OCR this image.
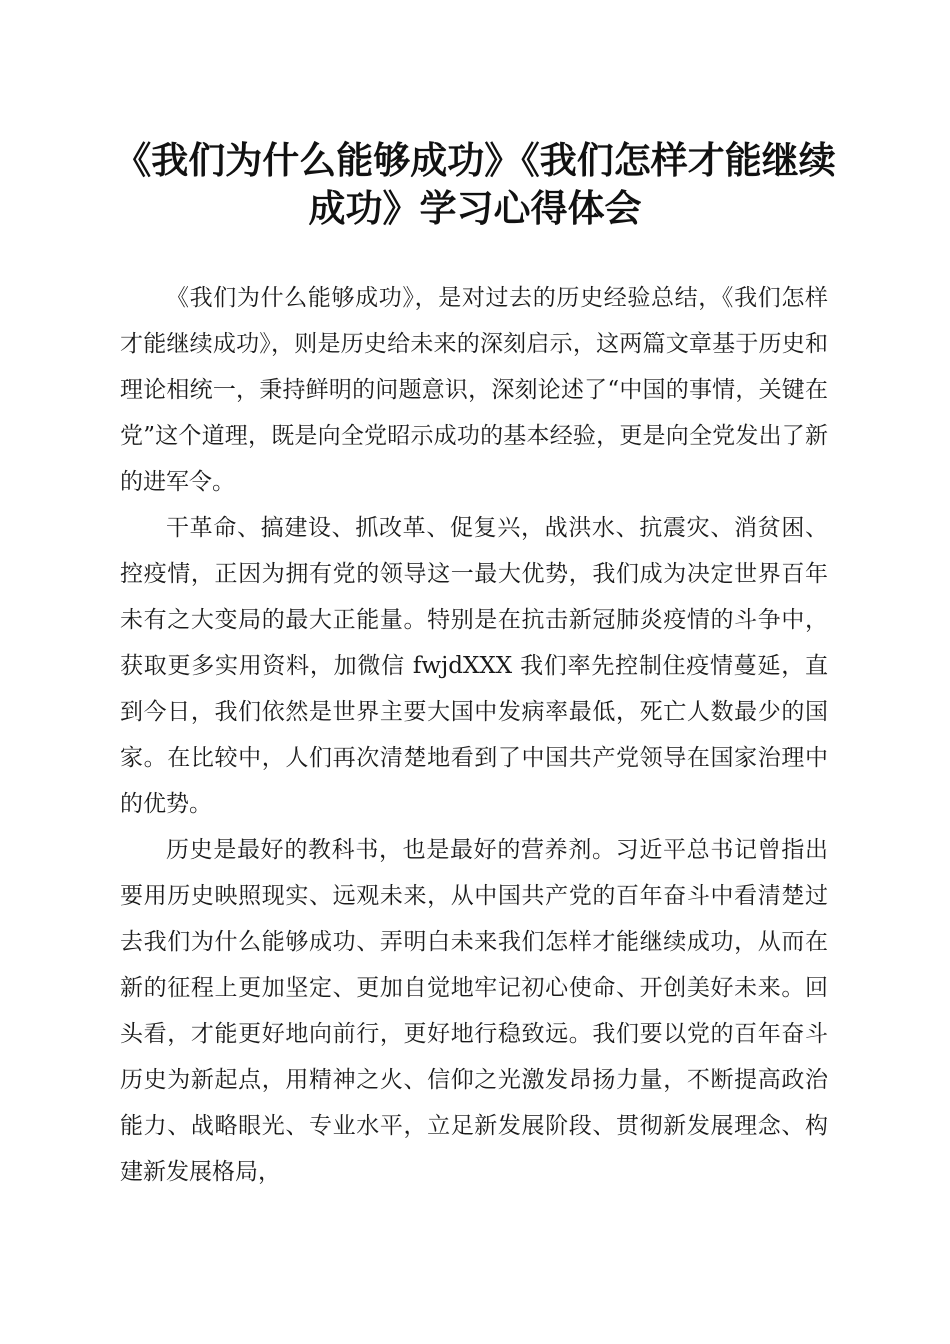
《我们为什么能够成功》《我们怎样才能继续成功》学习心得体会

《我们为什么能够成功》，是对过去的历史经验总结，《我们怎样才能继续成功》，则是历史给未来的深刻启示，这两篇文章基于历史和理论相统一，秉持鲜明的问题意识，深刻论述了“中国的事情，关键在党”这个道理，既是向全党昭示成功的基本经验，更是向全党发出了新的进军令。

干革命、搞建设、抓改革、促复兴，战洪水、抗震灾、消贫困、控疫情，正因为拥有党的领导这一最大优势，我们成为决定世界百年未有之大变局的最大正能量。特别是在抗击新冠肺炎疫情的斗争中，获取更多实用资料，加微信 fwjdXXX 我们率先控制住疫情蔓延，直到今日，我们依然是世界主要大国中发病率最低，死亡人数最少的国家。在比较中，人们再次清楚地看到了中国共产党领导在国家治理中的优势。

历史是最好的教科书，也是最好的营养剂。习近平总书记曾指出要用历史映照现实、远观未来，从中国共产党的百年奋斗中看清楚过去我们为什么能够成功、弄明白未来我们怎样才能继续成功，从而在新的征程上更加坚定、更加自觉地牢记初心使命、开创美好未来。回头看，才能更好地向前行，更好地行稳致远。我们要以党的百年奋斗历史为新起点，用精神之火、信仰之光激发昂扬力量，不断提高政治能力、战略眼光、专业水平，立足新发展阶段、贯彻新发展理念、构建新发展格局，
